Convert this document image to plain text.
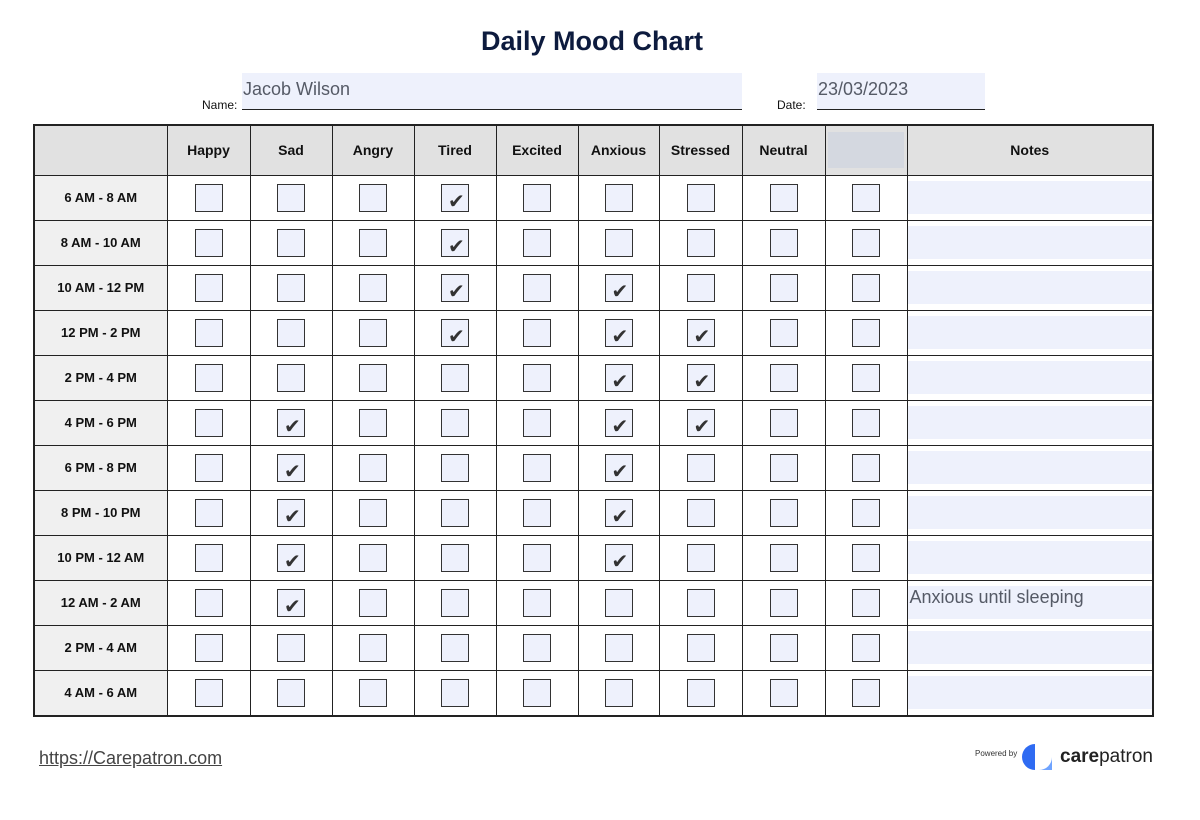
Daily Mood Chart
Name:
Jacob Wilson
Date:
23/03/2023
	Happy	Sad	Angry	Tired	Excited	Anxious	Stressed	Neutral		Notes
6 AM - 8 AM				✔						

8 AM - 10 AM				✔						

10 AM - 12 PM				✔		✔				

12 PM - 2 PM				✔		✔	✔			

2 PM - 4 PM						✔	✔			

4 PM - 6 PM		✔				✔	✔			

6 PM - 8 PM		✔				✔				

8 PM - 10 PM		✔				✔				

10 PM - 12 AM		✔				✔				

12 AM - 2 AM		✔								Anxious until sleeping

2 PM - 4 AM										

4 AM - 6 AM										
https://Carepatron.com	Powered by carepatron
